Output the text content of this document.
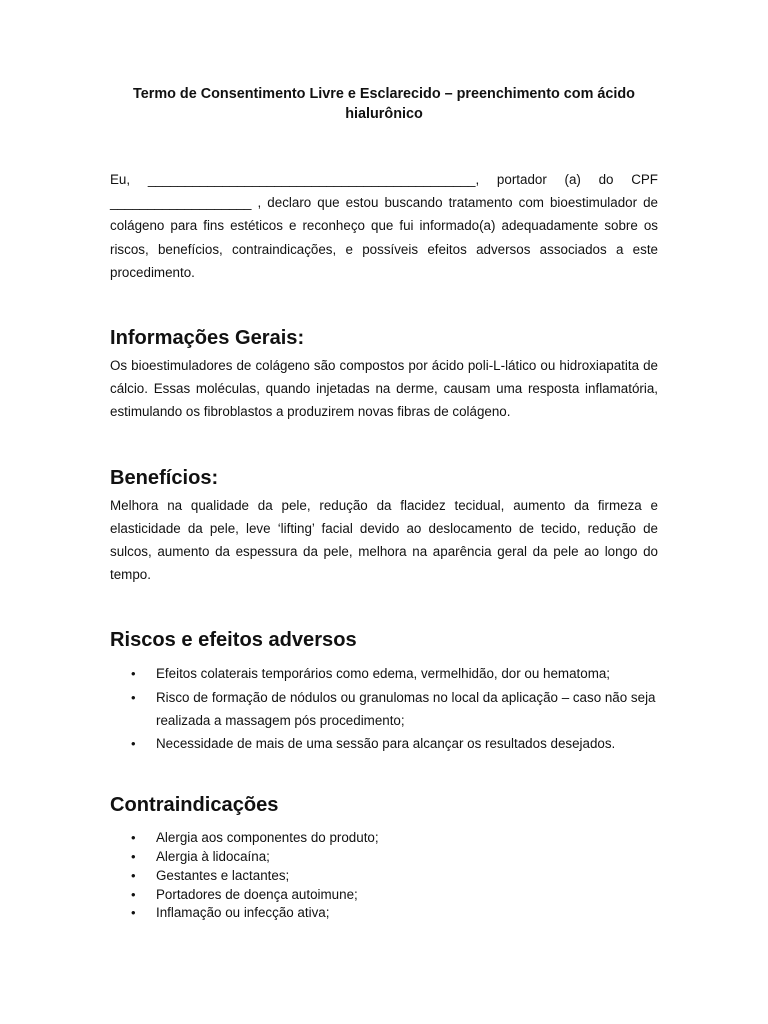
Termo de Consentimento Livre e Esclarecido – preenchimento com ácido hialurônico

Eu, ____________________________________________, portador (a) do CPF ___________________ , declaro que estou buscando tratamento com bioestimulador de colágeno para fins estéticos e reconheço que fui informado(a) adequadamente sobre os riscos, benefícios, contraindicações, e possíveis efeitos adversos associados a este procedimento.

Informações Gerais:

Os bioestimuladores de colágeno são compostos por ácido poli-L-lático ou hidroxiapatita de cálcio. Essas moléculas, quando injetadas na derme, causam uma resposta inflamatória, estimulando os fibroblastos a produzirem novas fibras de colágeno.

Benefícios:

Melhora na qualidade da pele, redução da flacidez tecidual, aumento da firmeza e elasticidade da pele, leve ‘lifting’ facial devido ao deslocamento de tecido, redução de sulcos, aumento da espessura da pele, melhora na aparência geral da pele ao longo do tempo.

Riscos e efeitos adversos
• Efeitos colaterais temporários como edema, vermelhidão, dor ou hematoma;
• Risco de formação de nódulos ou granulomas no local da aplicação – caso não seja realizada a massagem pós procedimento;
• Necessidade de mais de uma sessão para alcançar os resultados desejados.
Contraindicações
• Alergia aos componentes do produto;
• Alergia à lidocaína;
• Gestantes e lactantes;
• Portadores de doença autoimune;
• Inflamação ou infecção ativa;
